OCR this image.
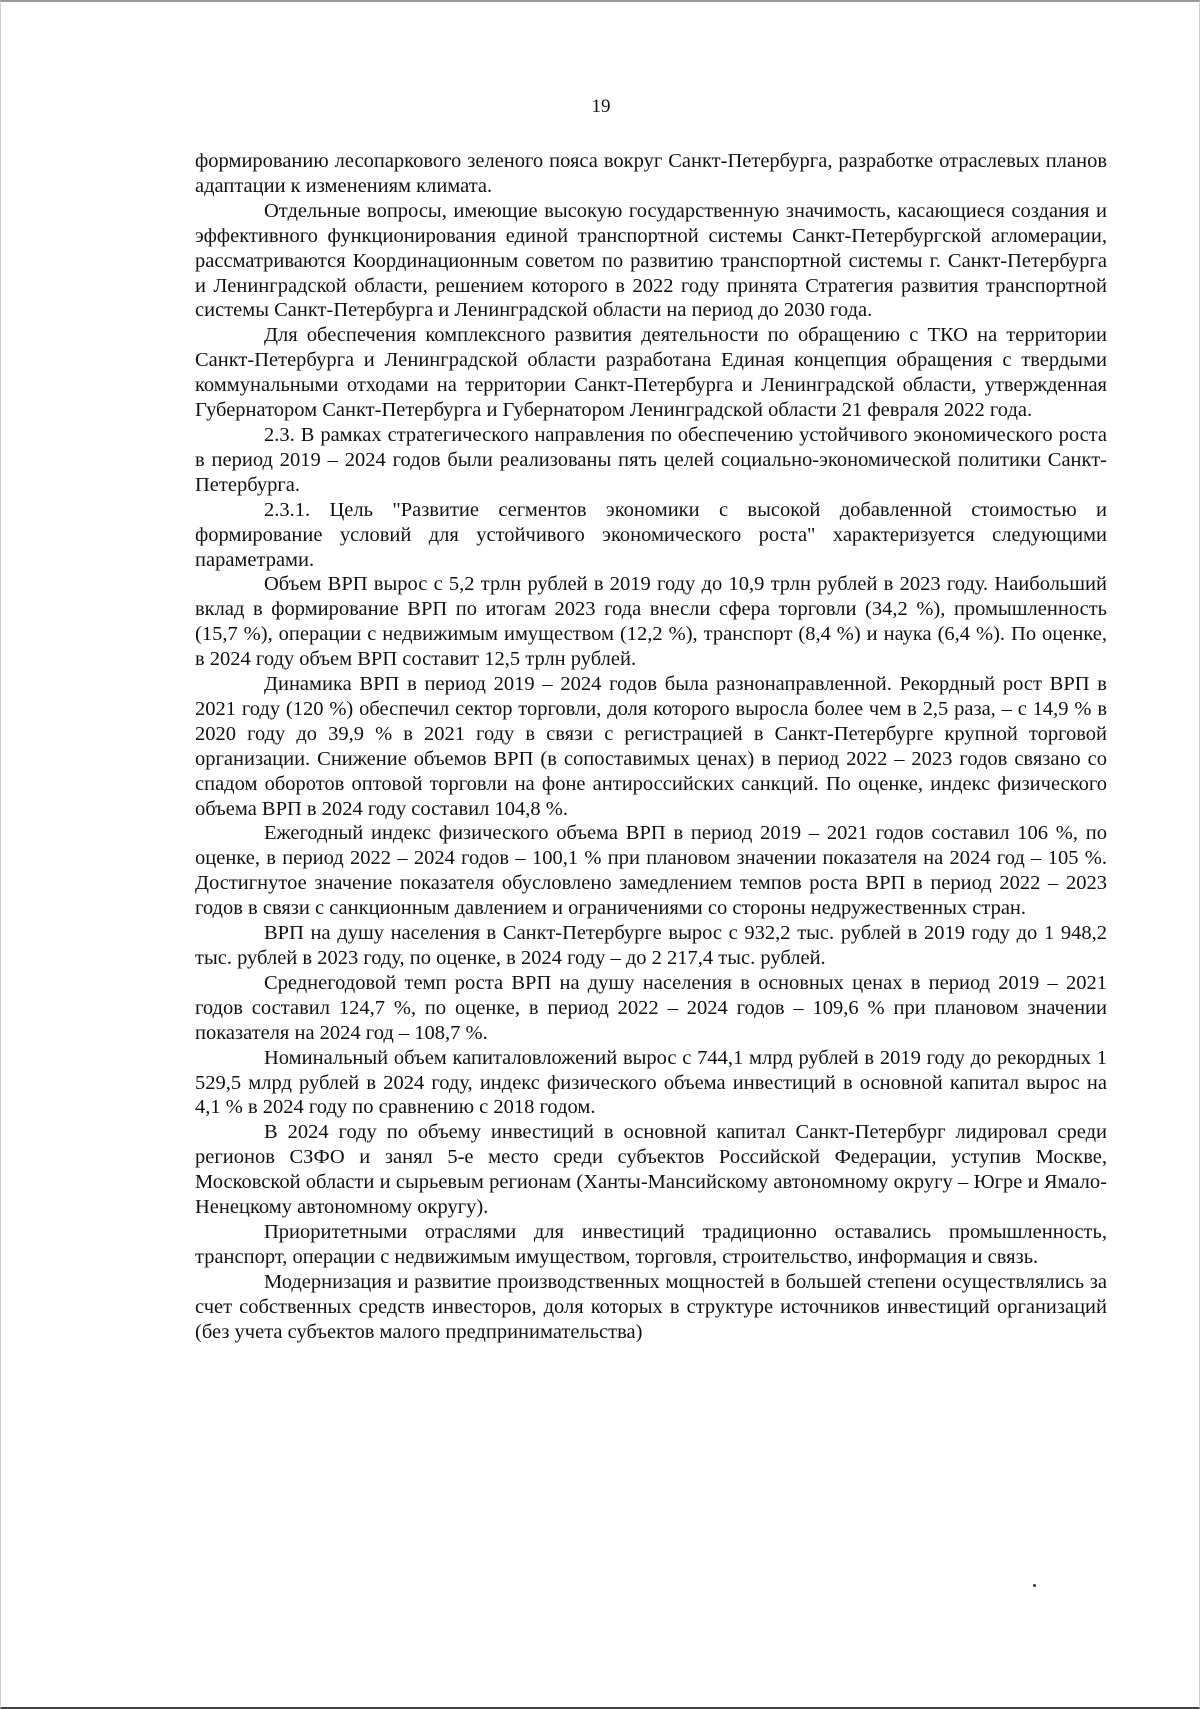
19

формированию лесопаркового зеленого пояса вокруг Санкт-Петербурга, разработке отраслевых планов адаптации к изменениям климата.

Отдельные вопросы, имеющие высокую государственную значимость, касающиеся создания и эффективного функционирования единой транспортной системы Санкт-Петербургской агломерации, рассматриваются Координационным советом по развитию транспортной системы г. Санкт-Петербурга и Ленинградской области, решением которого в 2022 году принята Стратегия развития транспортной системы Санкт-Петербурга и Ленинградской области на период до 2030 года.

Для обеспечения комплексного развития деятельности по обращению с ТКО на территории Санкт-Петербурга и Ленинградской области разработана Единая концепция обращения с твердыми коммунальными отходами на территории Санкт-Петербурга и Ленинградской области, утвержденная Губернатором Санкт-Петербурга и Губернатором Ленинградской области 21 февраля 2022 года.

2.3. В рамках стратегического направления по обеспечению устойчивого экономического роста в период 2019 – 2024 годов были реализованы пять целей социально-экономической политики Санкт-Петербурга.

2.3.1. Цель "Развитие сегментов экономики с высокой добавленной стоимостью и формирование условий для устойчивого экономического роста" характеризуется следующими параметрами.

Объем ВРП вырос с 5,2 трлн рублей в 2019 году до 10,9 трлн рублей в 2023 году. Наибольший вклад в формирование ВРП по итогам 2023 года внесли сфера торговли (34,2 %), промышленность (15,7 %), операции с недвижимым имуществом (12,2 %), транспорт (8,4 %) и наука (6,4 %). По оценке, в 2024 году объем ВРП составит 12,5 трлн рублей.

Динамика ВРП в период 2019 – 2024 годов была разнонаправленной. Рекордный рост ВРП в 2021 году (120 %) обеспечил сектор торговли, доля которого выросла более чем в 2,5 раза, – с 14,9 % в 2020 году до 39,9 % в 2021 году в связи с регистрацией в Санкт-Петербурге крупной торговой организации. Снижение объемов ВРП (в сопоставимых ценах) в период 2022 – 2023 годов связано со спадом оборотов оптовой торговли на фоне антироссийских санкций. По оценке, индекс физического объема ВРП в 2024 году составил 104,8 %.

Ежегодный индекс физического объема ВРП в период 2019 – 2021 годов составил 106 %, по оценке, в период 2022 – 2024 годов – 100,1 % при плановом значении показателя на 2024 год – 105 %. Достигнутое значение показателя обусловлено замедлением темпов роста ВРП в период 2022 – 2023 годов в связи с санкционным давлением и ограничениями со стороны недружественных стран.

ВРП на душу населения в Санкт-Петербурге вырос с 932,2 тыс. рублей в 2019 году до 1 948,2 тыс. рублей в 2023 году, по оценке, в 2024 году – до 2 217,4 тыс. рублей.

Среднегодовой темп роста ВРП на душу населения в основных ценах в период 2019 – 2021 годов составил 124,7 %, по оценке, в период 2022 – 2024 годов – 109,6 % при плановом значении показателя на 2024 год – 108,7 %.

Номинальный объем капиталовложений вырос с 744,1 млрд рублей в 2019 году до рекордных 1 529,5 млрд рублей в 2024 году, индекс физического объема инвестиций в основной капитал вырос на 4,1 % в 2024 году по сравнению с 2018 годом.

В 2024 году по объему инвестиций в основной капитал Санкт-Петербург лидировал среди регионов СЗФО и занял 5-е место среди субъектов Российской Федерации, уступив Москве, Московской области и сырьевым регионам (Ханты-Мансийскому автономному округу – Югре и Ямало-Ненецкому автономному округу).

Приоритетными отраслями для инвестиций традиционно оставались промышленность, транспорт, операции с недвижимым имуществом, торговля, строительство, информация и связь.

Модернизация и развитие производственных мощностей в большей степени осуществлялись за счет собственных средств инвесторов, доля которых в структуре источников инвестиций организаций (без учета субъектов малого предпринимательства)
